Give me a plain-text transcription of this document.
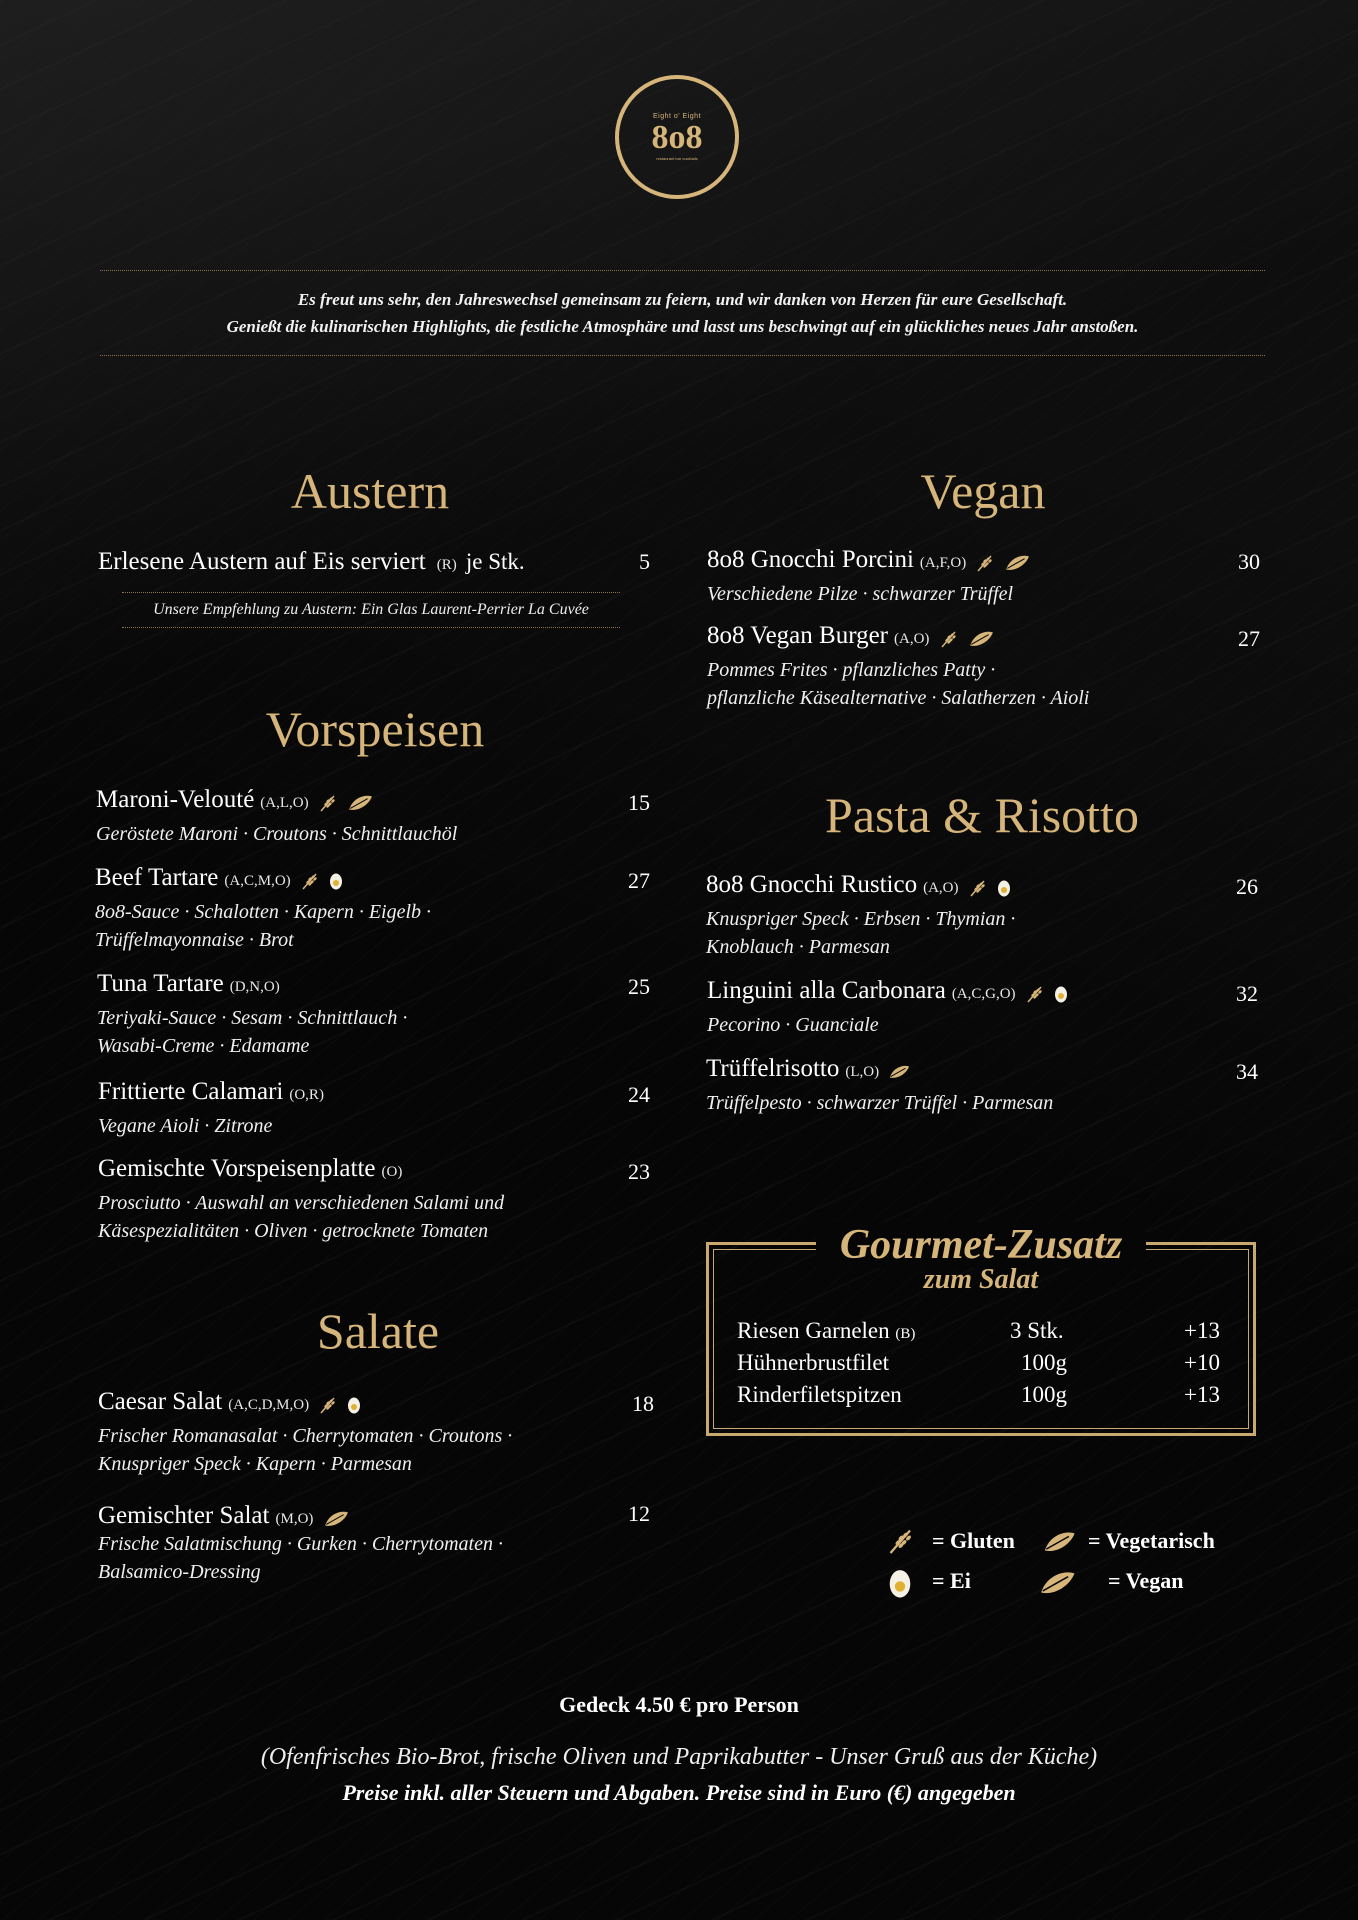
Eight o' Eight
8o8
restaurant bar cocktails
Es freut uns sehr, den Jahreswechsel gemeinsam zu feiern, und wir danken von Herzen für eure Gesellschaft.
Genießt die kulinarischen Highlights, die festliche Atmosphäre und lasst uns beschwingt auf ein glückliches neues Jahr anstoßen.
Austern
Erlesene Austern auf Eis serviert (R) je Stk.	5
Unsere Empfehlung zu Austern: Ein Glas Laurent-Perrier La Cuvée
Vorspeisen
Maroni-Velouté (A,L,O)
Geröstete Maroni · Croutons · Schnittlauchöl
15
Beef Tartare (A,C,M,O)
8o8-Sauce · Schalotten · Kapern · Eigelb ·
Trüffelmayonnaise · Brot
27
Tuna Tartare (D,N,O)
Teriyaki-Sauce · Sesam · Schnittlauch ·
Wasabi-Creme · Edamame
25
Frittierte Calamari (O,R)
Vegane Aioli · Zitrone
24
Gemischte Vorspeisenplatte (O)
Prosciutto · Auswahl an verschiedenen Salami und
Käsespezialitäten · Oliven · getrocknete Tomaten
23
Salate
Caesar Salat (A,C,D,M,O)
Frischer Romanasalat · Cherrytomaten · Croutons ·
Knuspriger Speck · Kapern · Parmesan
18
Gemischter Salat (M,O)
Frische Salatmischung · Gurken · Cherrytomaten ·
Balsamico-Dressing
12
Vegan
8o8 Gnocchi Porcini (A,F,O)
Verschiedene Pilze · schwarzer Trüffel
30
8o8 Vegan Burger (A,O)
Pommes Frites · pflanzliches Patty ·
pflanzliche Käsealternative · Salatherzen · Aioli
27
Pasta & Risotto
8o8 Gnocchi Rustico (A,O)
Knuspriger Speck · Erbsen · Thymian ·
Knoblauch · Parmesan
26
Linguini alla Carbonara (A,C,G,O)
Pecorino · Guanciale
32
Trüffelrisotto (L,O)
Trüffelpesto · schwarzer Trüffel · Parmesan
34
Gourmet-Zusatz
zum Salat
Riesen Garnelen (B)	3 Stk.	+13
Hühnerbrustfilet	100g	+10
Rinderfiletspitzen	100g	+13
= Gluten	= Vegetarisch
= Ei	= Vegan
Gedeck 4.50 € pro Person
(Ofenfrisches Bio-Brot, frische Oliven und Paprikabutter - Unser Gruß aus der Küche)
Preise inkl. aller Steuern und Abgaben. Preise sind in Euro (€) angegeben
